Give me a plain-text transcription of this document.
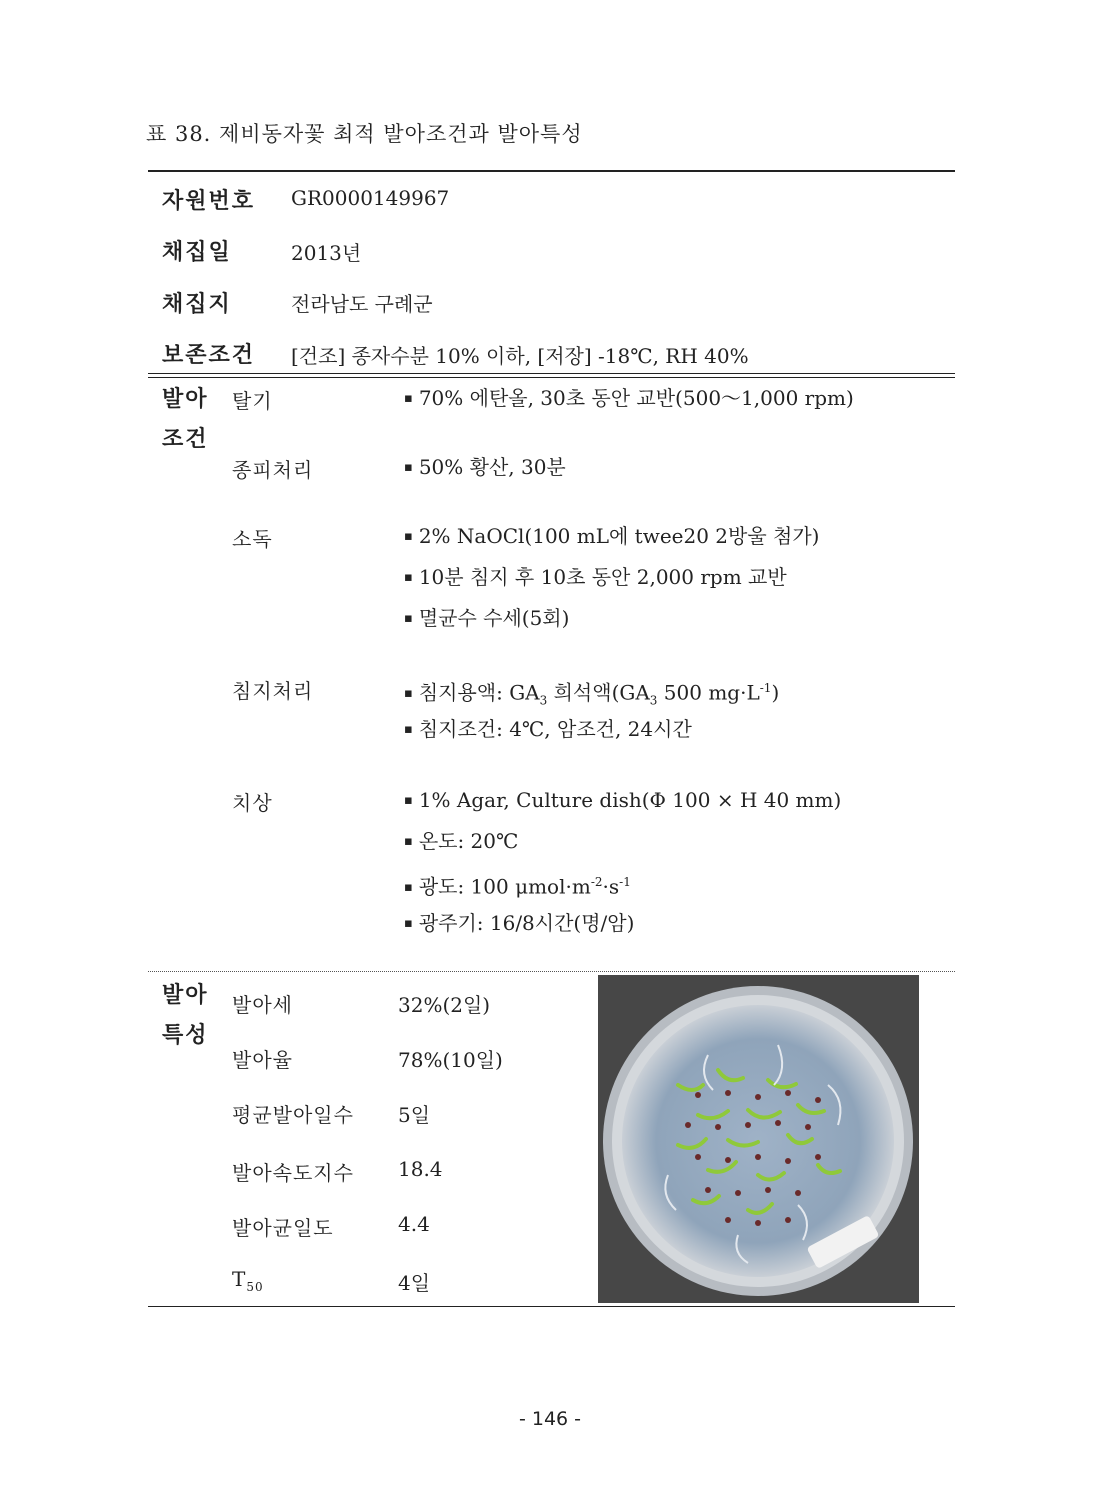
표 38. 제비동자꽃 최적 발아조건과 발아특성
자원번호 GR0000149967
채집일	2013년
채집지	전라남도 구례군
보존조건 [건조] 종자수분 10% 이하, [저장] -18℃, RH 40%
발아
조건
탈기	▪ 70% 에탄올, 30초 동안 교반(500～1,000 rpm)
종피처리	▪ 50% 황산, 30분
소독	▪ 2% NaOCl(100 mL에 twee20 2방울 첨가)
▪ 10분 침지 후 10초 동안 2,000 rpm 교반
▪ 멸균수 수세(5회)
침지처리	▪ 침지용액: $GA_3$ 희석액($GA_3$ 500 $mg\cdot L^{-1}$)
▪ 침지조건: 4℃, 암조건, 24시간
치상	▪ 1% Agar, Culture dish(Φ 100 × H 40 mm)
▪ 온도: 20℃
▪ 광도: 100 $\mu mol\cdot m^{-2}\cdot s^{-1}$
▪ 광주기: 16/8시간(명/암)
발아
특성
발아세	32%(2일)
발아율	78%(10일)
평균발아일수 5일
발아속도지수 18.4
발아균일도	4.4
$T_{50}$	4일
- 146 -
